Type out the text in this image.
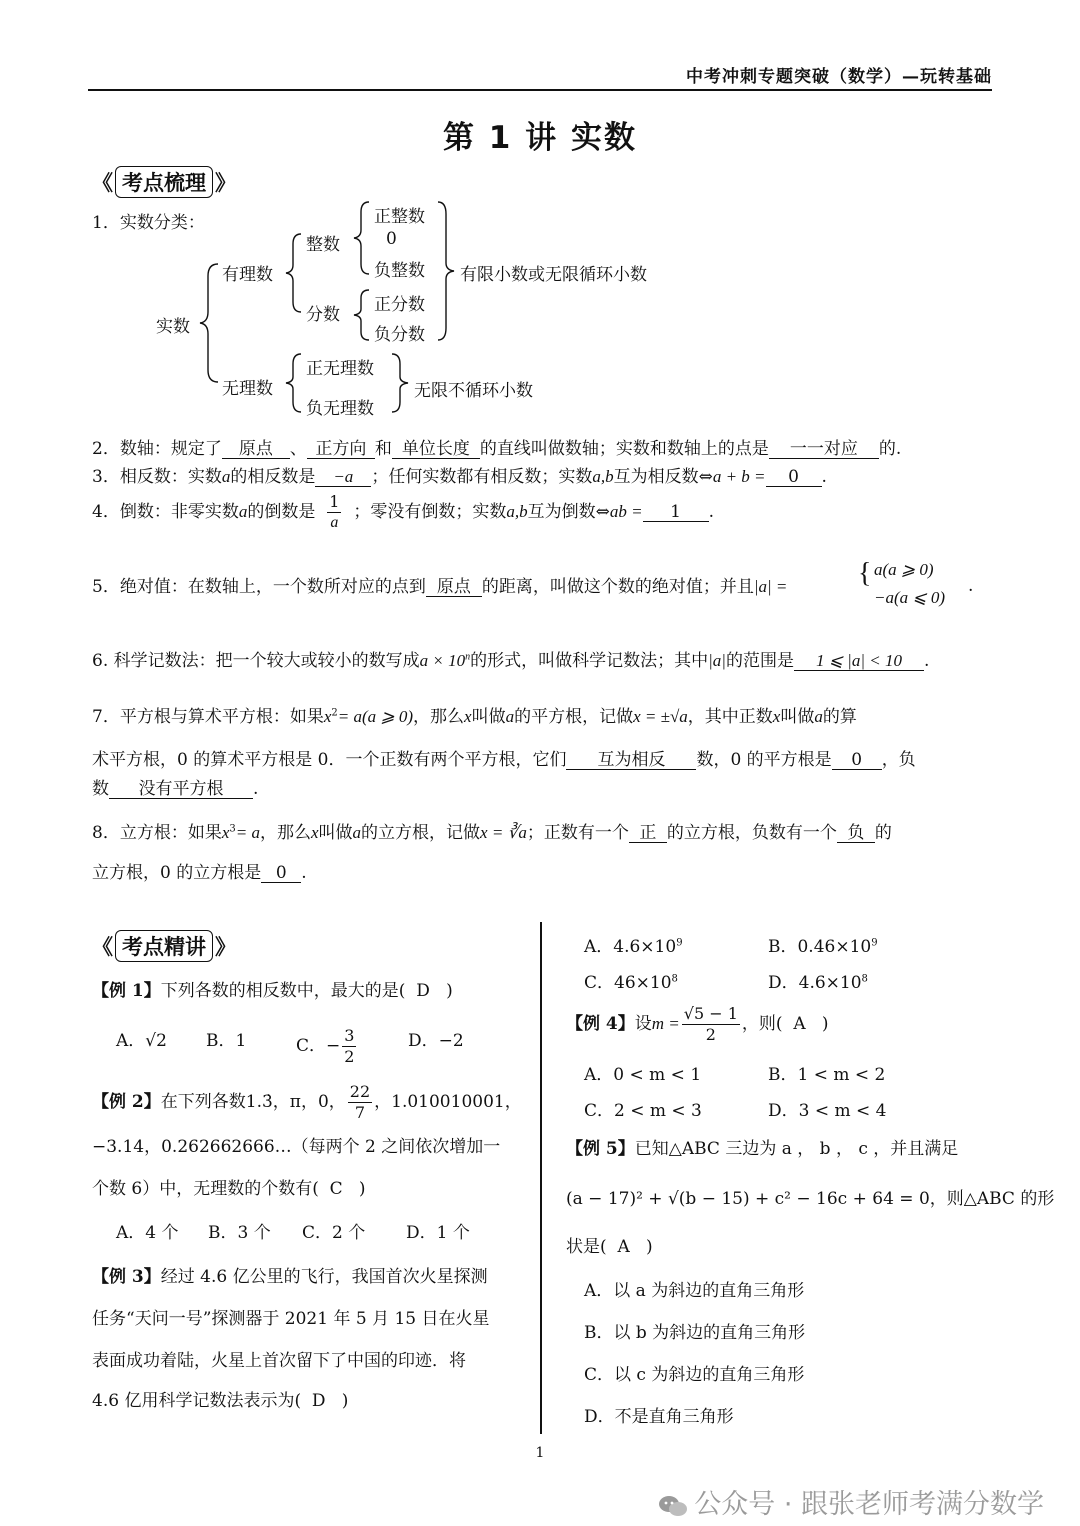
中考冲刺专题突破（数学）—玩转基础
第 1 讲 实数
《 考点梳理 》
1．实数分类：
实数
有理数
整数
正整数
0
负整数
分数 正分数
负分数
有限小数或无限循环小数
无理数
正无理数
负无理数
无限不循环小数
2．数轴：规定了 原点 、 正方向 和 单位长度 的直线叫做数轴；实数和数轴上的点是 一一对应 的.
3．相反数：实数a的相反数是 −a ；任何实数都有相反数；实数a,b互为相反数⇔a + b = 0 .
4．倒数：非零实数a的倒数是 $\frac{1}{a}$ ；零没有倒数；实数a,b互为倒数⇔ab = 1 .
5．绝对值：在数轴上，一个数所对应的点到 原点 的距离，叫做这个数的绝对值；并且|a| =	{ a(a ⩾ 0)
−a(a ⩽ 0)
.
6. 科学记数法：把一个较大或较小的数写成$a \times 10^n$的形式，叫做科学记数法；其中|a|的范围是 1 ⩽ |a| < 10 .
7．平方根与算术平方根：如果$x^2= a(a$ ⩾ 0)，那么x叫做a的平方根，记做x = ±√a，其中正数x叫做a的算
术平方根，0 的算术平方根是 0．一个正数有两个平方根，它们 互为相反 数，0 的平方根是 0 ，负
数 没有平方根 .
8．立方根：如果$x^3= a$，那么x叫做a的立方根，记做x = ∛a；正数有一个 正 的立方根，负数有一个 负 的
立方根，0 的立方根是 0 .
《 考点精讲 》
【例 1】下列各数的相反数中，最大的是( D )
A．√2 B．1	C．− $\frac{3}{2}$	D．−2
【例 2】在下列各数1.3̇，π，0， $\frac{22}{7}$ ，1.010010001，
−3.14，0.262662666…（每两个 2 之间依次增加一
个数 6）中，无理数的个数有( C )
A．4 个 B．3 个 C．2 个 D．1 个
【例 3】经过 4.6 亿公里的飞行，我国首次火星探测
任务“天问一号”探测器于 2021 年 5 月 15 日在火星
表面成功着陆，火星上首次留下了中国的印迹．将
4.6 亿用科学记数法表示为( D )
A．$4.6\times 10^9$	B．$0.46\times 10^9$
C．$46\times 10^8$	D．$4.6\times 10^8$
【例 4】设$m = \frac{√5 - 1}{2}$ ，则( A )
A．0 < m < 1	B．1 < m < 2
C．2 < m < 3	D．3 < m < 4
【例 5】已知△ABC 三边为 a ， b ， c ，并且满足
(a − 17)² + √(b − 15) + c² − 16c + 64 = 0，则△ABC 的形
状是( A )
A．以 a 为斜边的直角三角形
B．以 b 为斜边的直角三角形
C．以 c 为斜边的直角三角形
D．不是直角三角形
1
公众号 · 跟张老师考满分数学
